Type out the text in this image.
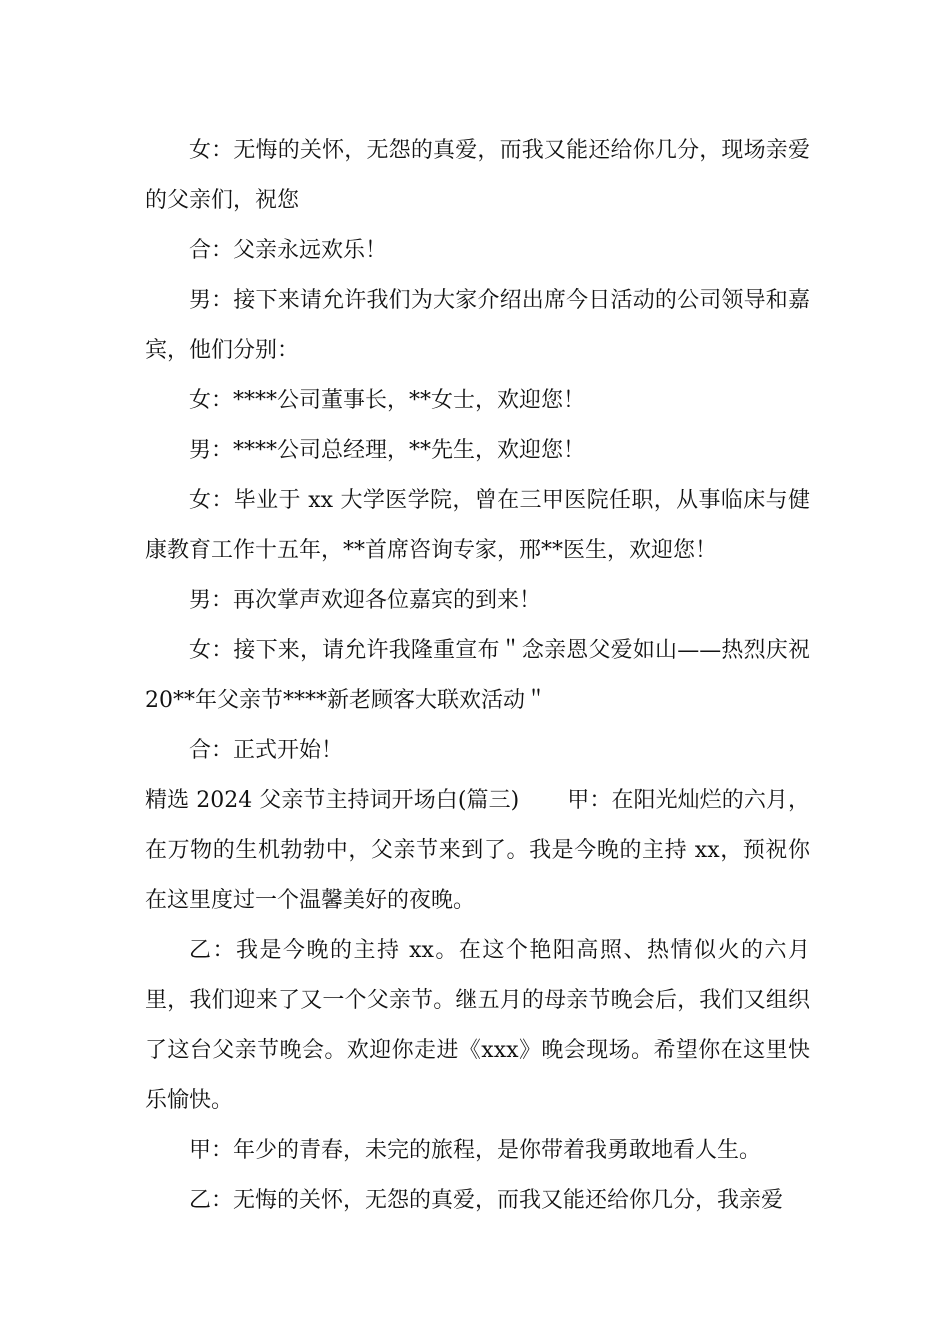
女：无悔的关怀，无怨的真爱，而我又能还给你几分，现场亲爱的父亲们，祝您

合：父亲永远欢乐！

男：接下来请允许我们为大家介绍出席今日活动的公司领导和嘉宾，他们分别：

女：****公司董事长，**女士，欢迎您！

男：****公司总经理，**先生，欢迎您！

女：毕业于 xx 大学医学院，曾在三甲医院任职，从事临床与健康教育工作十五年，**首席咨询专家，邢**医生，欢迎您！

男：再次掌声欢迎各位嘉宾的到来！

女：接下来，请允许我隆重宣布＂念亲恩父爱如山——热烈庆祝 20**年父亲节****新老顾客大联欢活动＂

合：正式开始！

精选 2024 父亲节主持词开场白(篇三) 甲：在阳光灿烂的六月，在万物的生机勃勃中，父亲节来到了。我是今晚的主持 xx，预祝你在这里度过一个温馨美好的夜晚。

乙：我是今晚的主持 xx。在这个艳阳高照、热情似火的六月里，我们迎来了又一个父亲节。继五月的母亲节晚会后，我们又组织了这台父亲节晚会。欢迎你走进《xxx》晚会现场。希望你在这里快乐愉快。

甲：年少的青春，未完的旅程，是你带着我勇敢地看人生。

乙：无悔的关怀，无怨的真爱，而我又能还给你几分，我亲爱
